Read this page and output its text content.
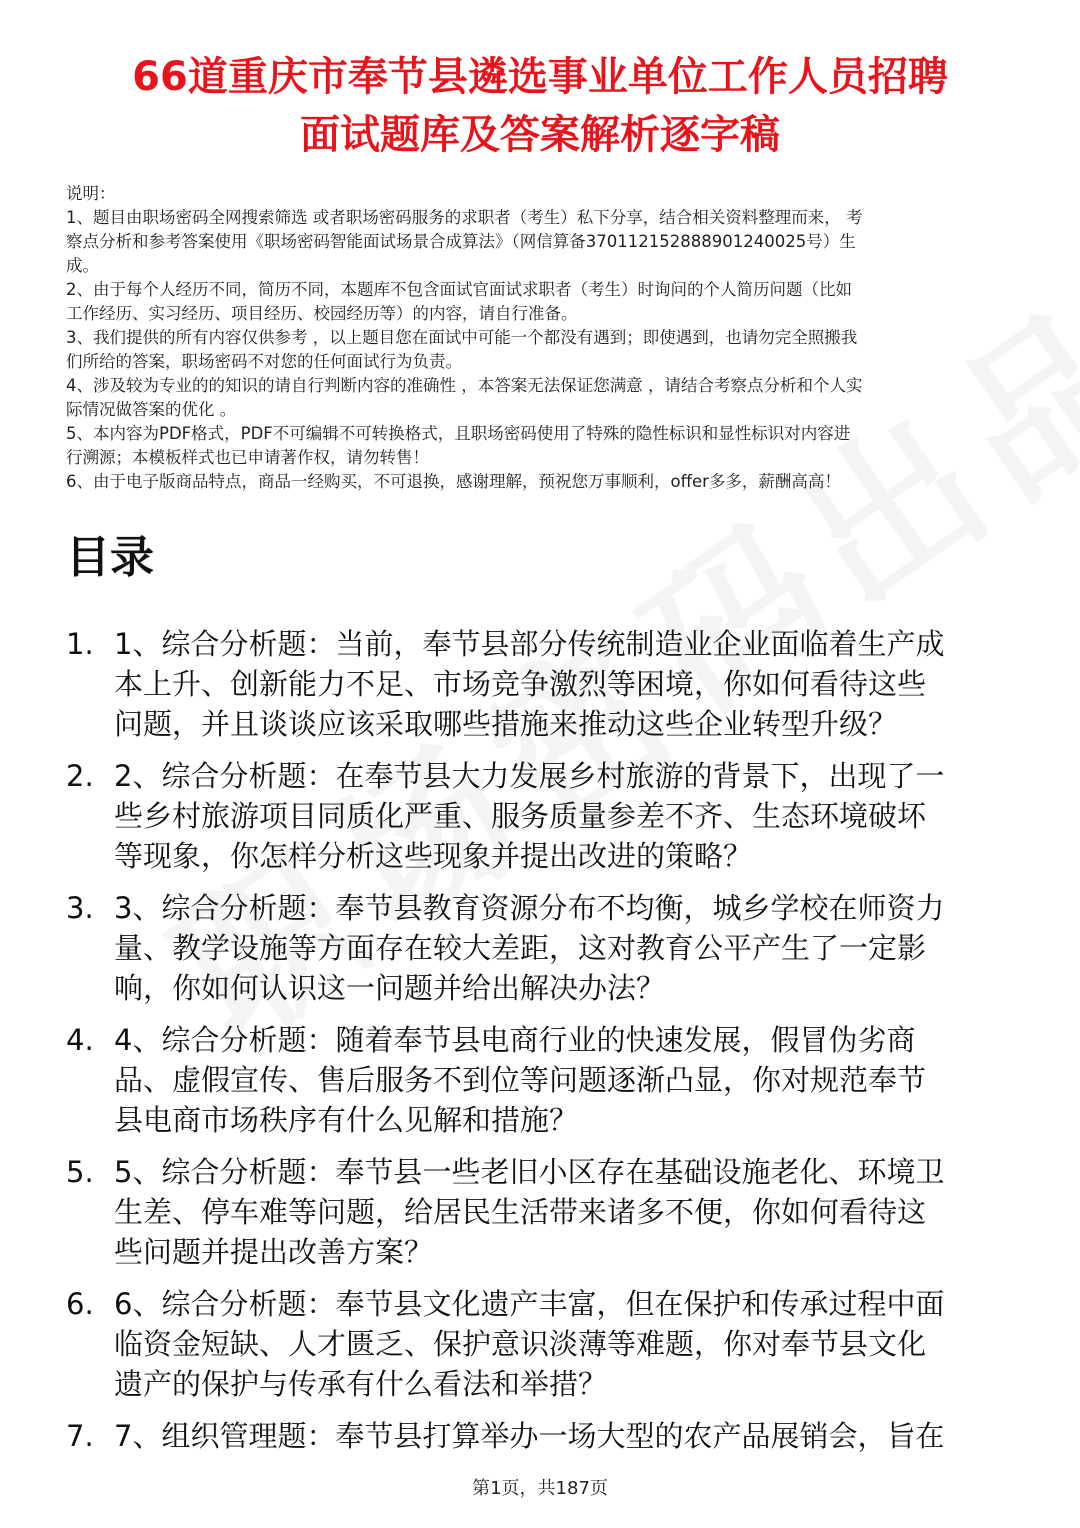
66道重庆市奉节县遴选事业单位工作人员招聘
面试题库及答案解析逐字稿
说明：
1、题目由职场密码全网搜索筛选 或者职场密码服务的求职者（考生）私下分享，结合相关资料整理而来， 考
察点分析和参考答案使用《职场密码智能面试场景合成算法》（网信算备370112152888901240025号）生
成。
2、由于每个人经历不同，简历不同，本题库不包含面试官面试求职者（考生）时询问的个人简历问题（比如
工作经历、实习经历、项目经历、校园经历等）的内容，请自行准备。
3、我们提供的所有内容仅供参考 ，以上题目您在面试中可能一个都没有遇到；即使遇到，也请勿完全照搬我
们所给的答案，职场密码不对您的任何面试行为负责。
4、涉及较为专业的的知识的请自行判断内容的准确性 ，本答案无法保证您满意 ，请结合考察点分析和个人实
际情况做答案的优化 。
5、本内容为PDF格式，PDF不可编辑不可转换格式，且职场密码使用了特殊的隐性标识和显性标识对内容进
行溯源；本模板样式也已申请著作权，请勿转售！
6、由于电子版商品特点，商品一经购买，不可退换，感谢理解，预祝您万事顺利，offer多多，薪酬高高！
目录
1. 1、综合分析题：当前，奉节县部分传统制造业企业面临着生产成
本上升、创新能力不足、市场竞争激烈等困境，你如何看待这些
问题，并且谈谈应该采取哪些措施来推动这些企业转型升级？
2. 2、综合分析题：在奉节县大力发展乡村旅游的背景下，出现了一
些乡村旅游项目同质化严重、服务质量参差不齐、生态环境破坏
等现象，你怎样分析这些现象并提出改进的策略？
3. 3、综合分析题：奉节县教育资源分布不均衡，城乡学校在师资力
量、教学设施等方面存在较大差距，这对教育公平产生了一定影
响，你如何认识这一问题并给出解决办法？
4. 4、综合分析题：随着奉节县电商行业的快速发展，假冒伪劣商
品、虚假宣传、售后服务不到位等问题逐渐凸显，你对规范奉节
县电商市场秩序有什么见解和措施？
5. 5、综合分析题：奉节县一些老旧小区存在基础设施老化、环境卫
生差、停车难等问题，给居民生活带来诸多不便，你如何看待这
些问题并提出改善方案？
6. 6、综合分析题：奉节县文化遗产丰富，但在保护和传承过程中面
临资金短缺、人才匮乏、保护意识淡薄等难题，你对奉节县文化
遗产的保护与传承有什么看法和举措？
7. 7、组织管理题：奉节县打算举办一场大型的农产品展销会，旨在
第1页，共187页
